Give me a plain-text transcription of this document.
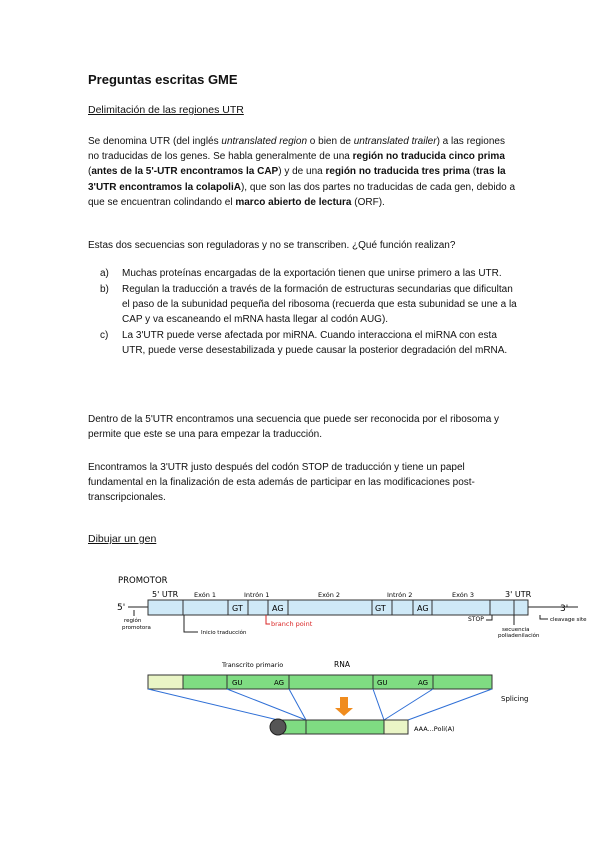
Preguntas escritas GME
Delimitación de las regiones UTR
Se denomina UTR (del inglés untranslated region o bien de untranslated trailer) a las regiones no traducidas de los genes. Se habla generalmente de una región no traducida cinco prima (antes de la 5'-UTR encontramos la CAP) y de una región no traducida tres prima (tras la 3'UTR encontramos la colapoliA), que son las dos partes no traducidas de cada gen, debido a que se encuentran colindando el marco abierto de lectura (ORF).
Estas dos secuencias son reguladoras y no se transcriben. ¿Qué función realizan?
a) Muchas proteínas encargadas de la exportación tienen que unirse primero a las UTR.
b) Regulan la traducción a través de la formación de estructuras secundarias que dificultan el paso de la subunidad pequeña del ribosoma (recuerda que esta subunidad se une a la CAP y va escaneando el mRNA hasta llegar al codón AUG).
c) La 3'UTR puede verse afectada por miRNA. Cuando interacciona el miRNA con esta UTR, puede verse desestabilizada y puede causar la posterior degradación del mRNA.
Dentro de la 5'UTR encontramos una secuencia que puede ser reconocida por el ribosoma y permite que este se una para empezar la traducción.
Encontramos la 3'UTR justo después del codón STOP de traducción y tiene un papel fundamental en la finalización de esta además de participar en las modificaciones post-transcripcionales.
Dibujar un gen
PROMOTOR
5'	3'
GT	AG	GT	AG
5' UTR Exón 1	Intrón 1	Exón 2	Intrón 2	Exón 3	3' UTR
branch point
región
promotora
Inicio traducción
STOP
secuencia
poliadenilación
cleavage site
Transcrito primario	RNA
GU	AG	GU	AG
Splicing
AAA...Poli(A)
